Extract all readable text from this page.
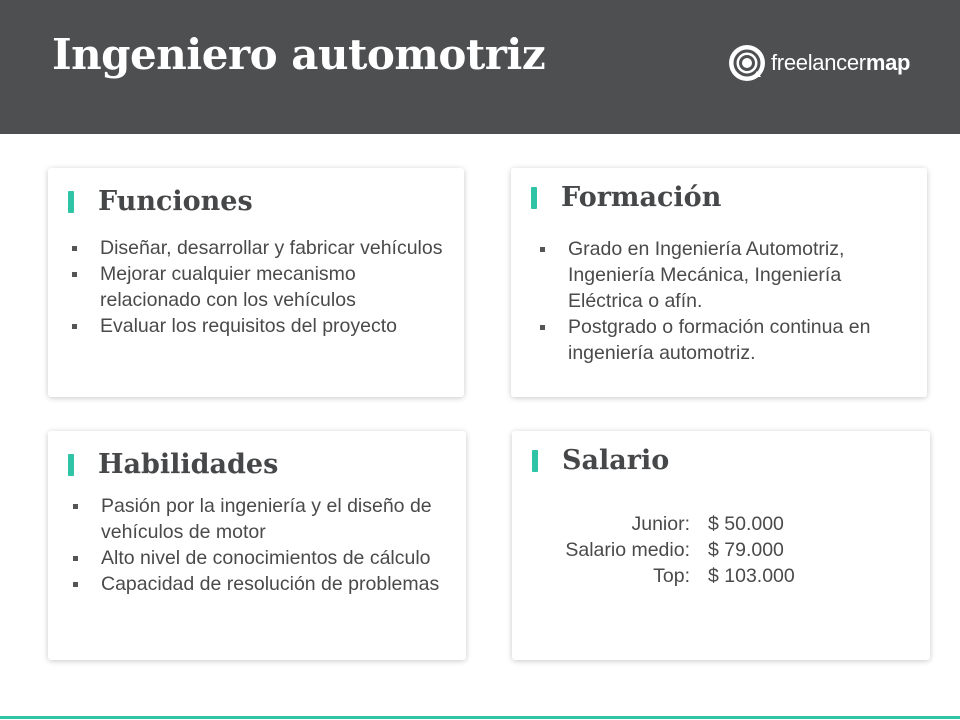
Ingeniero automotriz	freelancermap
Funciones
Diseñar, desarrollar y fabricar vehículos
Mejorar cualquier mecanismo relacionado con los vehículos
Evaluar los requisitos del proyecto
Formación
Grado en Ingeniería Automotriz, Ingeniería Mecánica, Ingeniería Eléctrica o afín.
Postgrado o formación continua en ingeniería automotriz.
Habilidades
Pasión por la ingeniería y el diseño de vehículos de motor
Alto nivel de conocimientos de cálculo
Capacidad de resolución de problemas
Salario
Junior: $ 50.000
Salario medio: $ 79.000
Top: $ 103.000
